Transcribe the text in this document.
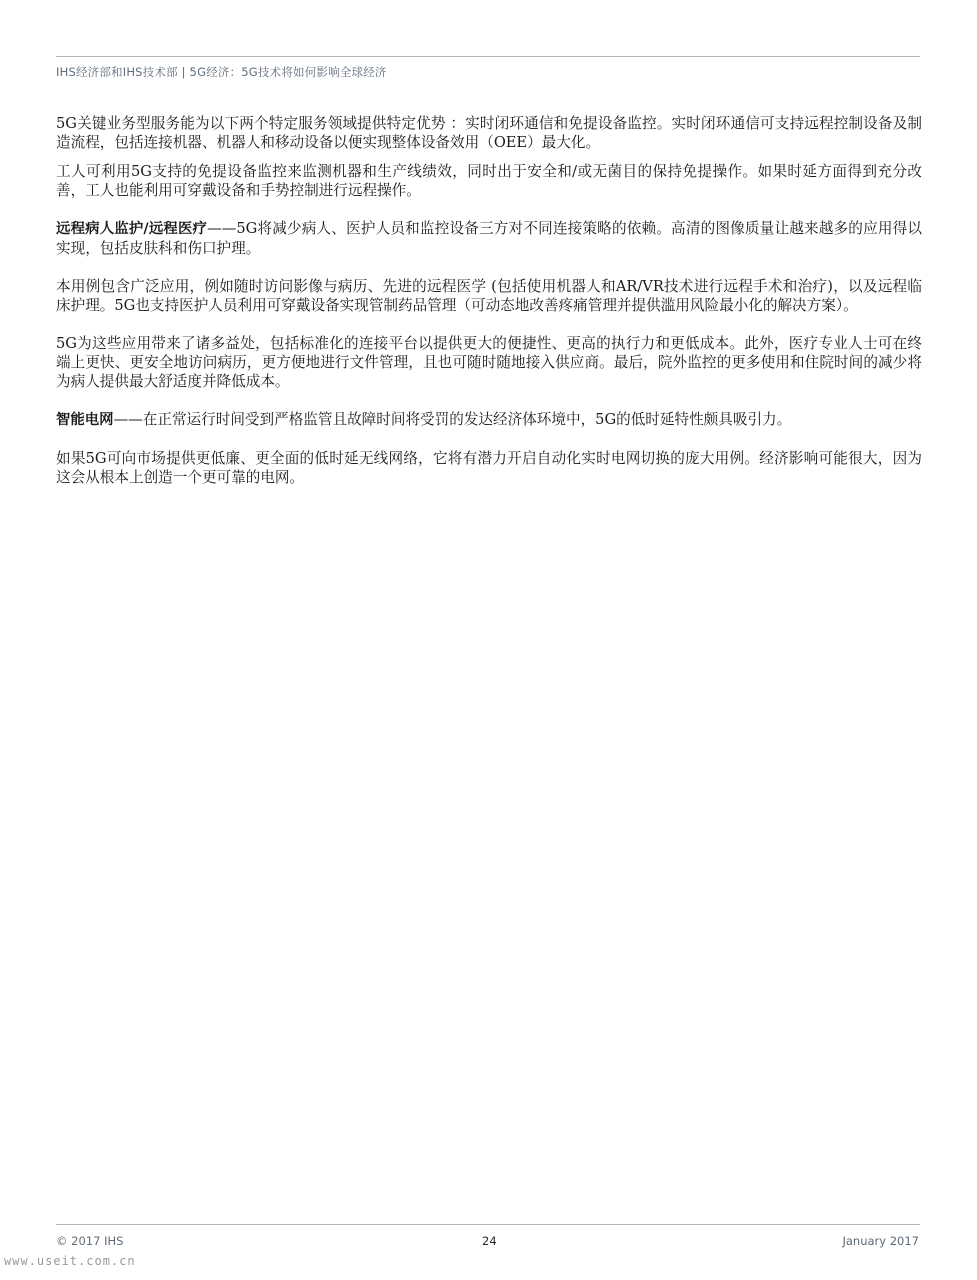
IHS经济部和IHS技术部 | 5G经济：5G技术将如何影响全球经济

5G关键业务型服务能为以下两个特定服务领域提供特定优势 ：实时闭环通信和免提设备监控。实时闭环通信可支持远程控制设备及制造流程，包括连接机器、机器人和移动设备以便实现整体设备效用（OEE）最大化。

工人可利用5G支持的免提设备监控来监测机器和生产线绩效，同时出于安全和/或无菌目的保持免提操作。如果时延方面得到充分改善，工人也能利用可穿戴设备和手势控制进行远程操作。

远程病人监护/远程医疗——5G将减少病人、医护人员和监控设备三方对不同连接策略的依赖。高清的图像质量让越来越多的应用得以实现，包括皮肤科和伤口护理。

本用例包含广泛应用，例如随时访问影像与病历、先进的远程医学 (包括使用机器人和AR/VR技术进行远程手术和治疗)，以及远程临床护理。5G也支持医护人员利用可穿戴设备实现管制药品管理（可动态地改善疼痛管理并提供滥用风险最小化的解决方案）。

5G为这些应用带来了诸多益处，包括标准化的连接平台以提供更大的便捷性、更高的执行力和更低成本。此外，医疗专业人士可在终端上更快、更安全地访问病历，更方便地进行文件管理，且也可随时随地接入供应商。最后，院外监控的更多使用和住院时间的减少将为病人提供最大舒适度并降低成本。

智能电网——在正常运行时间受到严格监管且故障时间将受罚的发达经济体环境中，5G的低时延特性颇具吸引力。

如果5G可向市场提供更低廉、更全面的低时延无线网络，它将有潜力开启自动化实时电网切换的庞大用例。经济影响可能很大，因为这会从根本上创造一个更可靠的电网。

© 2017 IHS	24	January 2017
www.useit.com.cn
